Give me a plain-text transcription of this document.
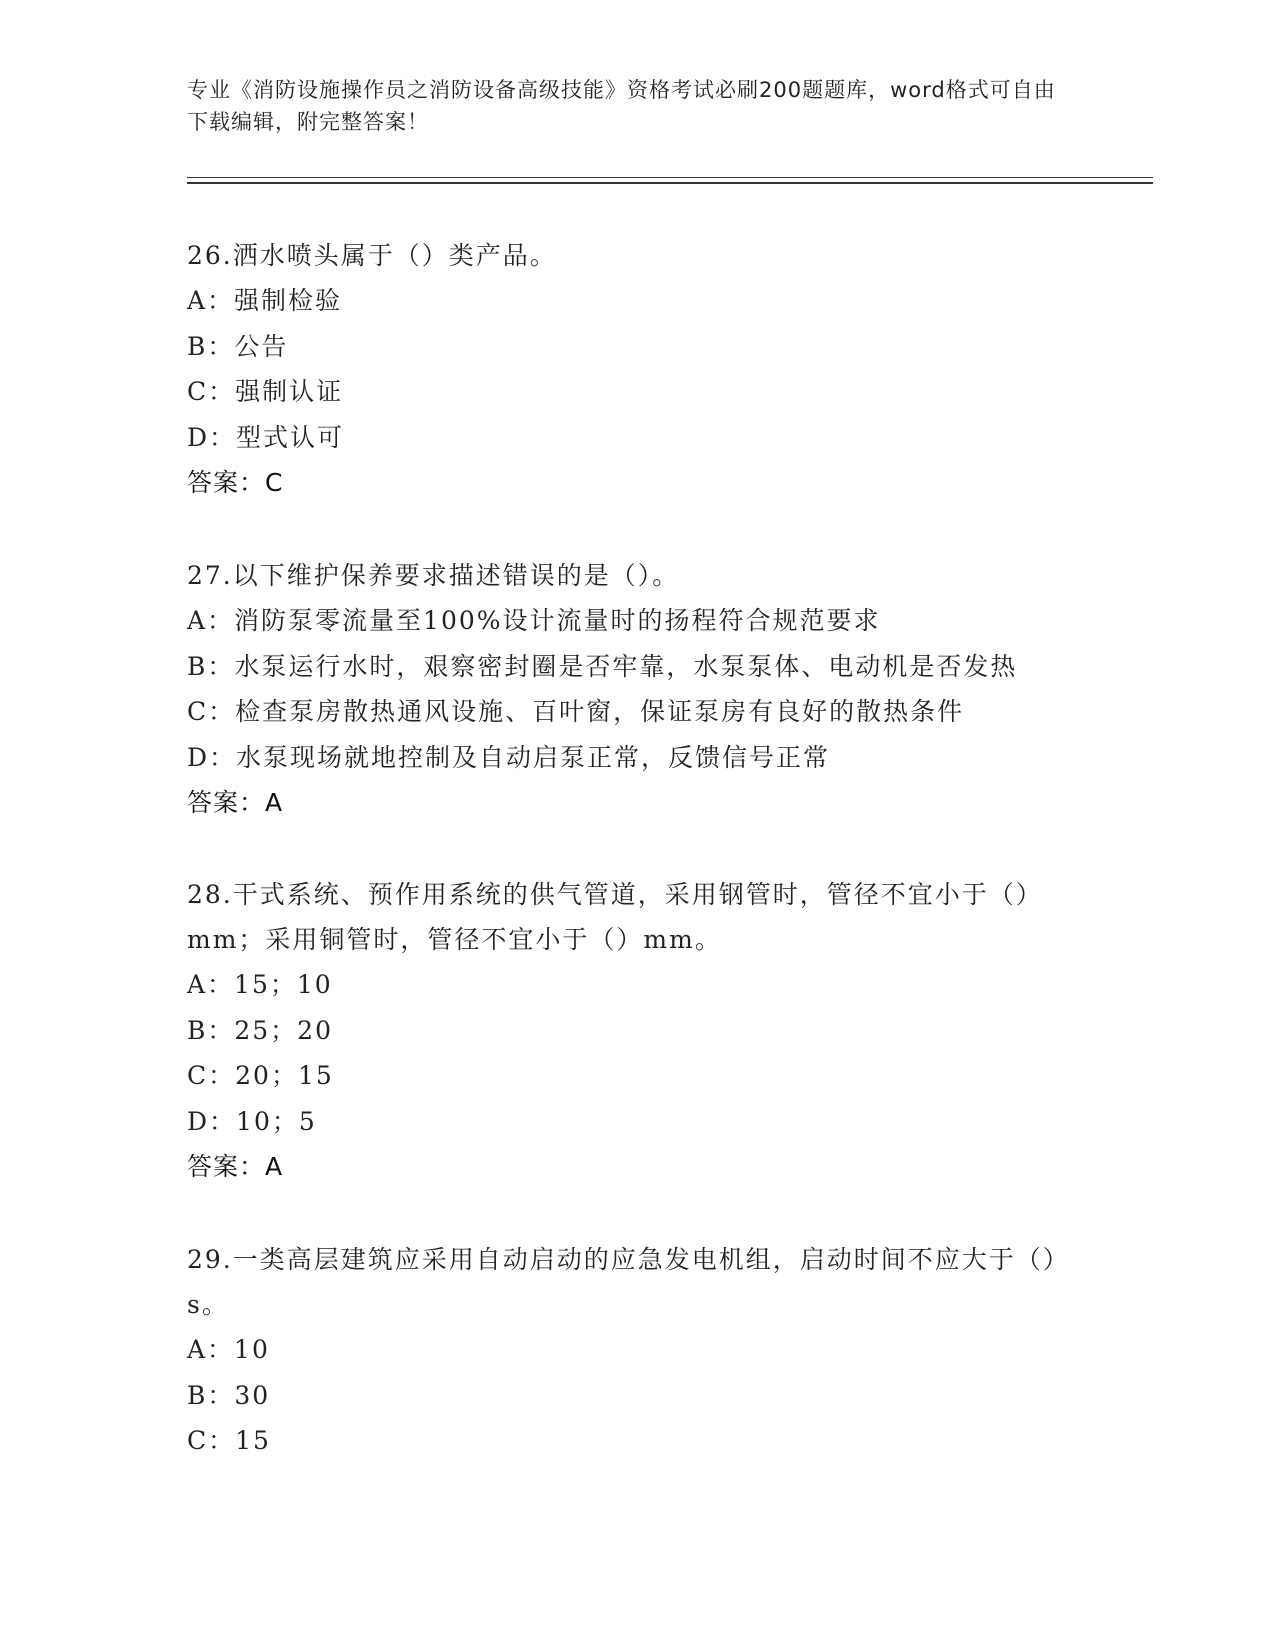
专业《消防设施操作员之消防设备高级技能》资格考试必刷200题题库，word格式可自由下载编辑，附完整答案！
26.洒水喷头属于（）类产品。
A：强制检验
B：公告
C：强制认证
D：型式认可
答案：C
27.以下维护保养要求描述错误的是（）。
A：消防泵零流量至100%设计流量时的扬程符合规范要求
B：水泵运行水时，艰察密封圈是否牢靠，水泵泵体、电动机是否发热
C：检查泵房散热通风设施、百叶窗，保证泵房有良好的散热条件
D：水泵现场就地控制及自动启泵正常，反馈信号正常
答案：A
28.干式系统、预作用系统的供气管道，采用钢管时，管径不宜小于（）mm；采用铜管时，管径不宜小于（）mm。
A：15；10
B：25；20
C：20；15
D：10；5
答案：A
29.一类高层建筑应采用自动启动的应急发电机组，启动时间不应大于（）s。
A：10
B：30
C：15
